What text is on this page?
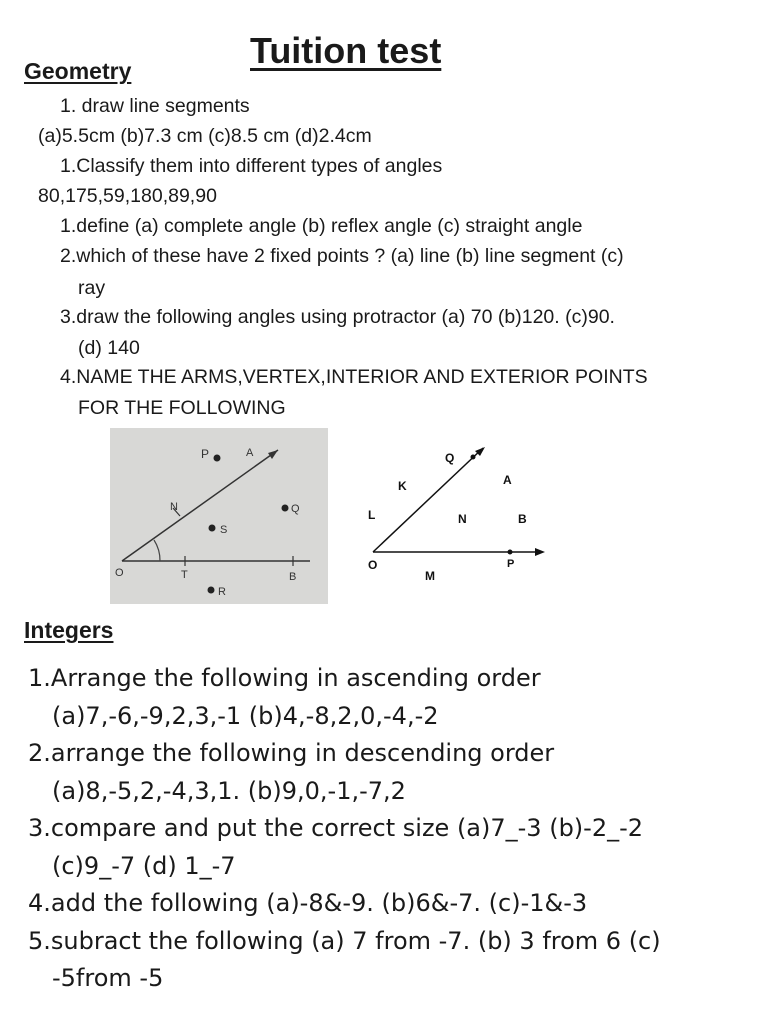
Tuition test
Geometry
1. draw line segments
(a)5.5cm (b)7.3 cm (c)8.5 cm (d)2.4cm
1.Classify them into different types of angles
80,175,59,180,89,90
1.define (a) complete angle (b) reflex angle (c) straight angle
2.which of these have 2 fixed points ? (a) line (b) line segment (c)
ray
3.draw the following angles using protractor (a) 70 (b)120. (c)90.
(d) 140
4.NAME THE ARMS,VERTEX,INTERIOR AND EXTERIOR POINTS
FOR THE FOLLOWING
P	A
N	Q
S
O	T	B
R
Q
K	A
L	N	B
O
M
P
Integers
1.Arrange the following in ascending order
(a)7,-6,-9,2,3,-1 (b)4,-8,2,0,-4,-2
2.arrange the following in descending order
(a)8,-5,2,-4,3,1. (b)9,0,-1,-7,2
3.compare and put the correct size (a)7_-3 (b)-2_-2
(c)9_-7 (d) 1_-7
4.add the following (a)-8&-9. (b)6&-7. (c)-1&-3
5.subract the following (a) 7 from -7. (b) 3 from 6 (c)
-5from -5
